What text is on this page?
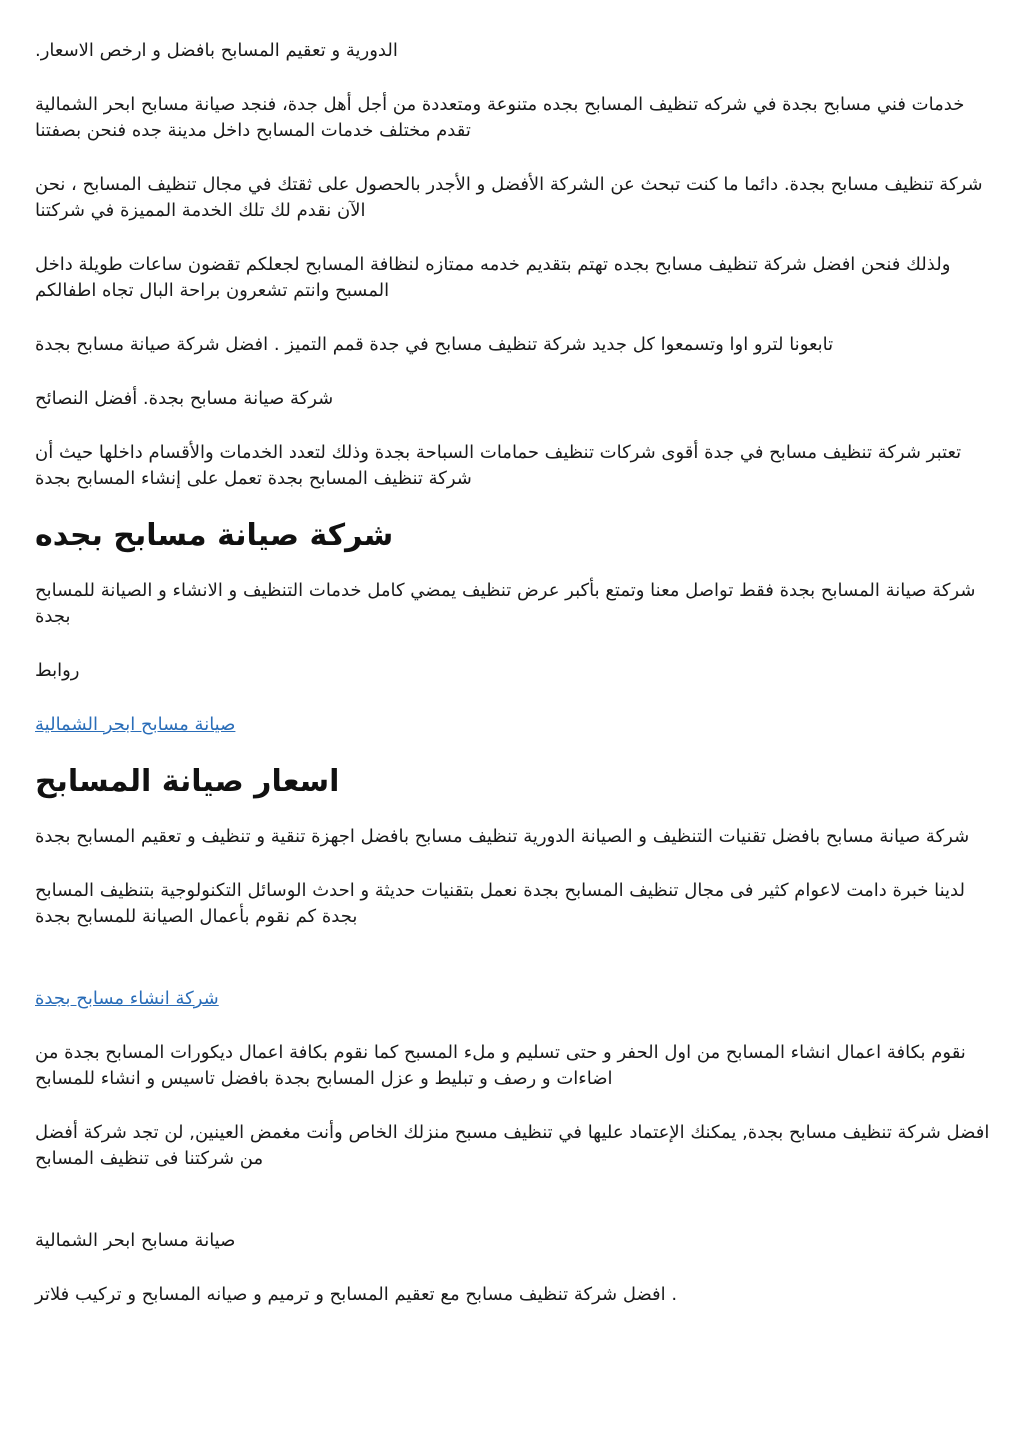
الدورية و تعقيم المسابح بافضل و ارخص الاسعار.

خدمات فني مسابح بجدة في شركه تنظيف المسابح بجده متنوعة ومتعددة من أجل أهل جدة، فنجد صيانة مسابح ابحر الشمالية تقدم مختلف خدمات المسابح داخل مدينة جده فنحن بصفتنا

شركة تنظيف مسابح بجدة. دائما ما كنت تبحث عن الشركة الأفضل و الأجدر بالحصول على ثقتك في مجال تنظيف المسابح ، نحن الآن نقدم لك تلك الخدمة المميزة في شركتنا

ولذلك فنحن افضل شركة تنظيف مسابح بجده تهتم بتقديم خدمه ممتازه لنظافة المسابح لجعلكم تقضون ساعات طويلة داخل المسبح وانتم تشعرون براحة البال تجاه اطفالكم

تابعونا لترو اوا وتسمعوا كل جديد شركة تنظيف مسابح في جدة قمم التميز . افضل شركة صيانة مسابح بجدة

شركة صيانة مسابح بجدة. أفضل النصائح

تعتبر شركة تنظيف مسابح في جدة أقوى شركات تنظيف حمامات السباحة بجدة وذلك لتعدد الخدمات والأقسام داخلها حيث أن شركة تنظيف المسابح بجدة تعمل على إنشاء المسابح بجدة

شركة صيانة مسابح بجده

شركة صيانة المسابح بجدة فقط تواصل معنا وتمتع بأكبر عرض تنظيف يمضي كامل خدمات التنظيف و الانشاء و الصيانة للمسابح بجدة

روابط

صيانة مسابح ابحر الشمالية
اسعار صيانة المسابح

شركة صيانة مسابح بافضل تقنيات التنظيف و الصيانة الدورية تنظيف مسابح بافضل اجهزة تنقية و تنظيف و تعقيم المسابح بجدة

لدينا خبرة دامت لاعوام كثير فى مجال تنظيف المسابح بجدة نعمل بتقنيات حديثة و احدث الوسائل التكنولوجية بتنظيف المسابح بجدة كم نقوم بأعمال الصيانة للمسابح بجدة

شركة انشاء مسابح بجدة

نقوم بكافة اعمال انشاء المسابح من اول الحفر و حتى تسليم و ملء المسبح كما نقوم بكافة اعمال ديكورات المسابح بجدة من اضاءات و رصف و تبليط و عزل المسابح بجدة بافضل تاسيس و انشاء للمسابح

افضل شركة تنظيف مسابح بجدة, يمكنك الإعتماد عليها في تنظيف مسبح منزلك الخاص وأنت مغمض العينين, لن تجد شركة أفضل من شركتنا فى تنظيف المسابح

صيانة مسابح ابحر الشمالية

. افضل شركة تنظيف مسابح مع تعقيم المسابح و ترميم و صيانه المسابح و تركيب فلاتر
